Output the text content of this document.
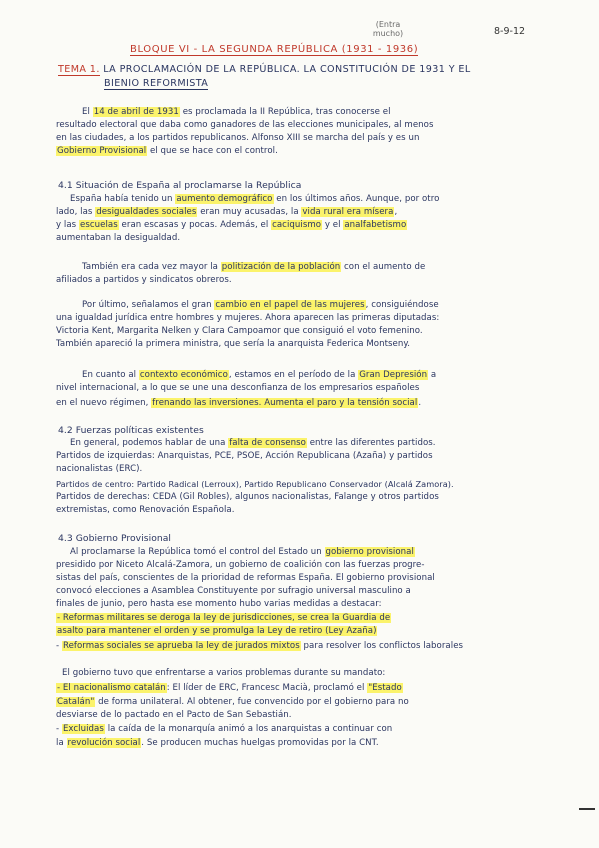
(Entra mucho)	8-9-12
BLOQUE VI - LA SEGUNDA REPÚBLICA (1931 - 1936)
TEMA 1. LA PROCLAMACIÓN DE LA REPÚBLICA. LA CONSTITUCIÓN DE 1931 Y EL
BIENIO REFORMISTA
El 14 de abril de 1931 es proclamada la II República, tras conocerse el
resultado electoral que daba como ganadores de las elecciones municipales, al menos
en las ciudades, a los partidos republicanos. Alfonso XIII se marcha del país y es un
Gobierno Provisional el que se hace con el control.
4.1 Situación de España al proclamarse la República
España había tenido un aumento demográfico en los últimos años. Aunque, por otro
lado, las desigualdades sociales eran muy acusadas, la vida rural era mísera,
y las escuelas eran escasas y pocas. Además, el caciquismo y el analfabetismo
aumentaban la desigualdad.
También era cada vez mayor la politización de la población con el aumento de
afiliados a partidos y sindicatos obreros.
Por último, señalamos el gran cambio en el papel de las mujeres, consiguiéndose
una igualdad jurídica entre hombres y mujeres. Ahora aparecen las primeras diputadas:
Victoria Kent, Margarita Nelken y Clara Campoamor que consiguió el voto femenino.
También apareció la primera ministra, que sería la anarquista Federica Montseny.
En cuanto al contexto económico, estamos en el período de la Gran Depresión a
nivel internacional, a lo que se une una desconfianza de los empresarios españoles
en el nuevo régimen, frenando las inversiones. Aumenta el paro y la tensión social.
4.2 Fuerzas políticas existentes
En general, podemos hablar de una falta de consenso entre las diferentes partidos.
Partidos de izquierdas: Anarquistas, PCE, PSOE, Acción Republicana (Azaña) y partidos
nacionalistas (ERC).
Partidos de centro: Partido Radical (Lerroux), Partido Republicano Conservador (Alcalá Zamora).
Partidos de derechas: CEDA (Gil Robles), algunos nacionalistas, Falange y otros partidos
extremistas, como Renovación Española.
4.3 Gobierno Provisional
Al proclamarse la República tomó el control del Estado un gobierno provisional
presidido por Niceto Alcalá-Zamora, un gobierno de coalición con las fuerzas progre-
sistas del país, conscientes de la prioridad de reformas España. El gobierno provisional
convocó elecciones a Asamblea Constituyente por sufragio universal masculino a
finales de junio, pero hasta ese momento hubo varias medidas a destacar:
- Reformas militares se deroga la ley de jurisdicciones, se crea la Guardia de
asalto para mantener el orden y se promulga la Ley de retiro (Ley Azaña)
- Reformas sociales se aprueba la ley de jurados mixtos para resolver los conflictos laborales
El gobierno tuvo que enfrentarse a varios problemas durante su mandato:
- El nacionalismo catalán: El líder de ERC, Francesc Macià, proclamó el "Estado
Catalán" de forma unilateral. Al obtener, fue convencido por el gobierno para no
desviarse de lo pactado en el Pacto de San Sebastián.
- Excluidas la caída de la monarquía animó a los anarquistas a continuar con
la revolución social. Se producen muchas huelgas promovidas por la CNT.
